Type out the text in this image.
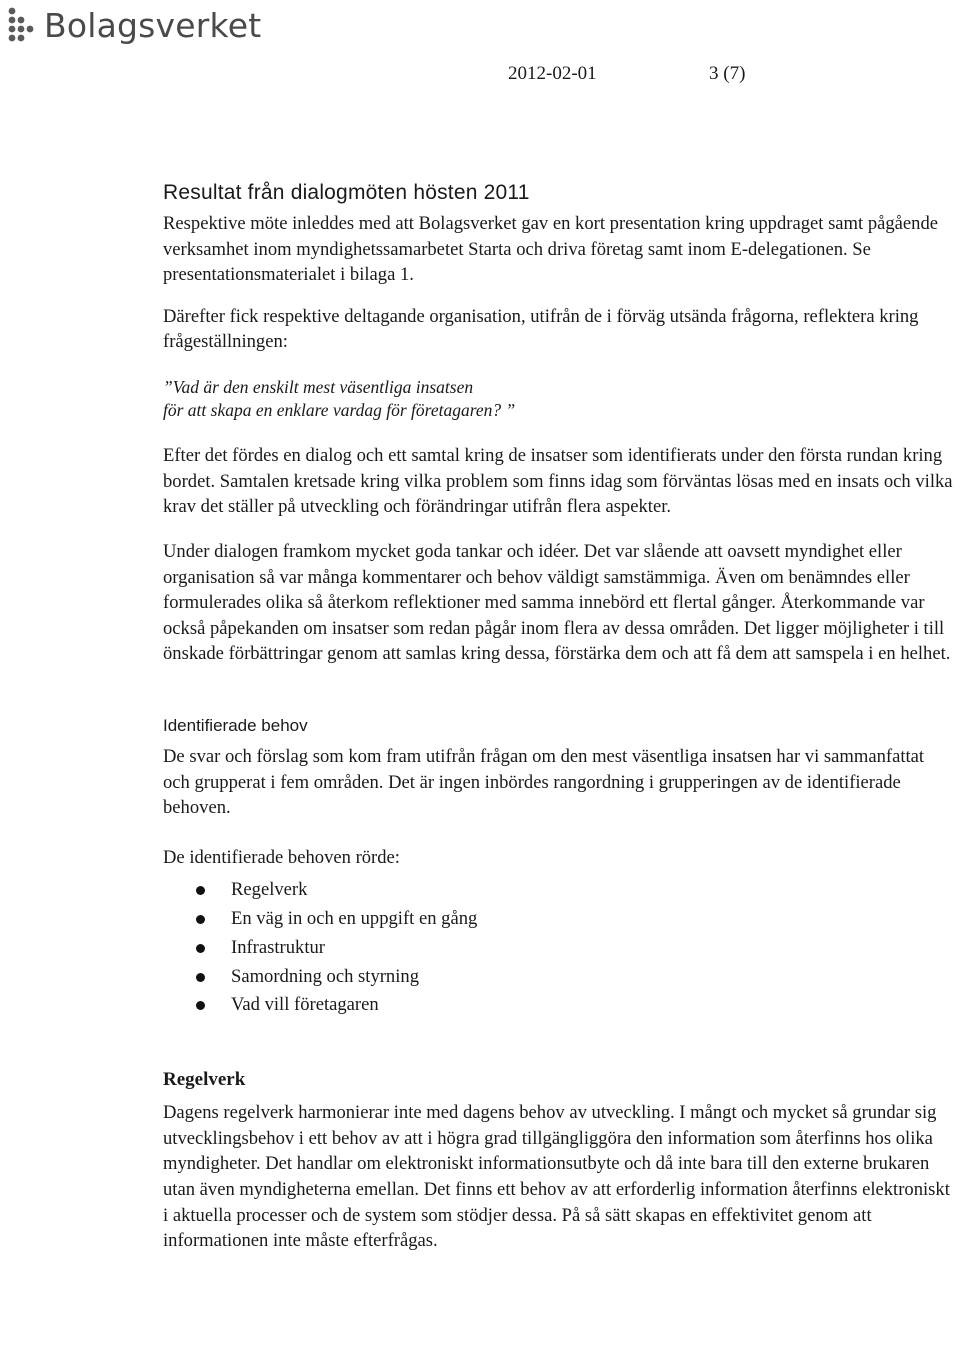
Bolagsverket
2012-02-01	3 (7)
Resultat från dialogmöten hösten 2011

Respektive möte inleddes med att Bolagsverket gav en kort presentation kring uppdraget samt pågående verksamhet inom myndighetssamarbetet Starta och driva företag samt inom E-delegationen. Se presentationsmaterialet i bilaga 1.

Därefter fick respektive deltagande organisation, utifrån de i förväg utsända frågorna, reflektera kring frågeställningen:

”Vad är den enskilt mest väsentliga insatsen

för att skapa en enklare vardag för företagaren? ”

Efter det fördes en dialog och ett samtal kring de insatser som identifierats under den första rundan kring bordet. Samtalen kretsade kring vilka problem som finns idag som förväntas lösas med en insats och vilka krav det ställer på utveckling och förändringar utifrån flera aspekter.

Under dialogen framkom mycket goda tankar och idéer. Det var slående att oavsett myndighet eller organisation så var många kommentarer och behov väldigt samstämmiga. Även om benämndes eller formulerades olika så återkom reflektioner med samma innebörd ett flertal gånger. Återkommande var också påpekanden om insatser som redan pågår inom flera av dessa områden. Det ligger möjligheter i till önskade förbättringar genom att samlas kring dessa, förstärka dem och att få dem att samspela i en helhet.

Identifierade behov

De svar och förslag som kom fram utifrån frågan om den mest väsentliga insatsen har vi sammanfattat och grupperat i fem områden. Det är ingen inbördes rangordning i grupperingen av de identifierade behoven.

De identifierade behoven rörde:

Regelverk
En väg in och en uppgift en gång
Infrastruktur
Samordning och styrning
Vad vill företagaren
Regelverk

Dagens regelverk harmonierar inte med dagens behov av utveckling. I mångt och mycket så grundar sig utvecklingsbehov i ett behov av att i högra grad tillgängliggöra den information som återfinns hos olika myndigheter. Det handlar om elektroniskt informationsutbyte och då inte bara till den externe brukaren utan även myndigheterna emellan. Det finns ett behov av att erforderlig information återfinns elektroniskt i aktuella processer och de system som stödjer dessa. På så sätt skapas en effektivitet genom att informationen inte måste efterfrågas.
